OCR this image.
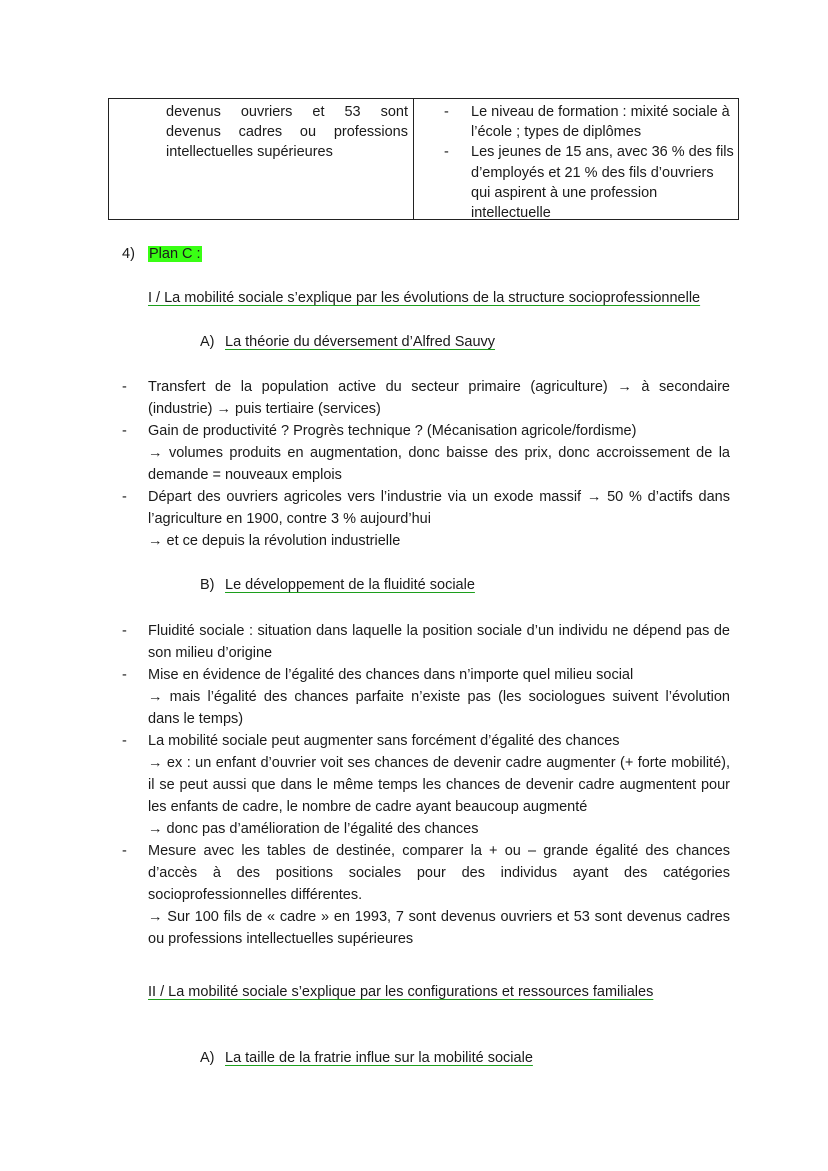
devenus ouvriers et 53 sont
devenus cadres ou professions
intellectuelles supérieures
- Le niveau de formation : mixité sociale à l’école ; types de diplômes
- Les jeunes de 15 ans, avec 36 % des fils d’employés et 21 % des fils d’ouvriers qui aspirent à une profession intellectuelle
4) Plan C :
I / La mobilité sociale s’explique par les évolutions de la structure socioprofessionnelle
A) La théorie du déversement d’Alfred Sauvy
- Transfert de la population active du secteur primaire (agriculture) → à secondaire (industrie) → puis tertiaire (services)
- Gain de productivité ? Progrès technique ? (Mécanisation agricole/fordisme)
→ volumes produits en augmentation, donc baisse des prix, donc accroissement de la demande = nouveaux emplois
- Départ des ouvriers agricoles vers l’industrie via un exode massif → 50 % d’actifs dans l’agriculture en 1900, contre 3 % aujourd’hui
→ et ce depuis la révolution industrielle
B) Le développement de la fluidité sociale
- Fluidité sociale : situation dans laquelle la position sociale d’un individu ne dépend pas de son milieu d’origine
- Mise en évidence de l’égalité des chances dans n’importe quel milieu social
→ mais l’égalité des chances parfaite n’existe pas (les sociologues suivent l’évolution dans le temps)
- La mobilité sociale peut augmenter sans forcément d’égalité des chances
→ ex : un enfant d’ouvrier voit ses chances de devenir cadre augmenter (+ forte mobilité), il se peut aussi que dans le même temps les chances de devenir cadre augmentent pour les enfants de cadre, le nombre de cadre ayant beaucoup augmenté
→ donc pas d’amélioration de l’égalité des chances
- Mesure avec les tables de destinée, comparer la + ou – grande égalité des chances d’accès à des positions sociales pour des individus ayant des catégories socioprofessionnelles différentes.
→ Sur 100 fils de « cadre » en 1993, 7 sont devenus ouvriers et 53 sont devenus cadres ou professions intellectuelles supérieures
II / La mobilité sociale s’explique par les configurations et ressources familiales
A) La taille de la fratrie influe sur la mobilité sociale
